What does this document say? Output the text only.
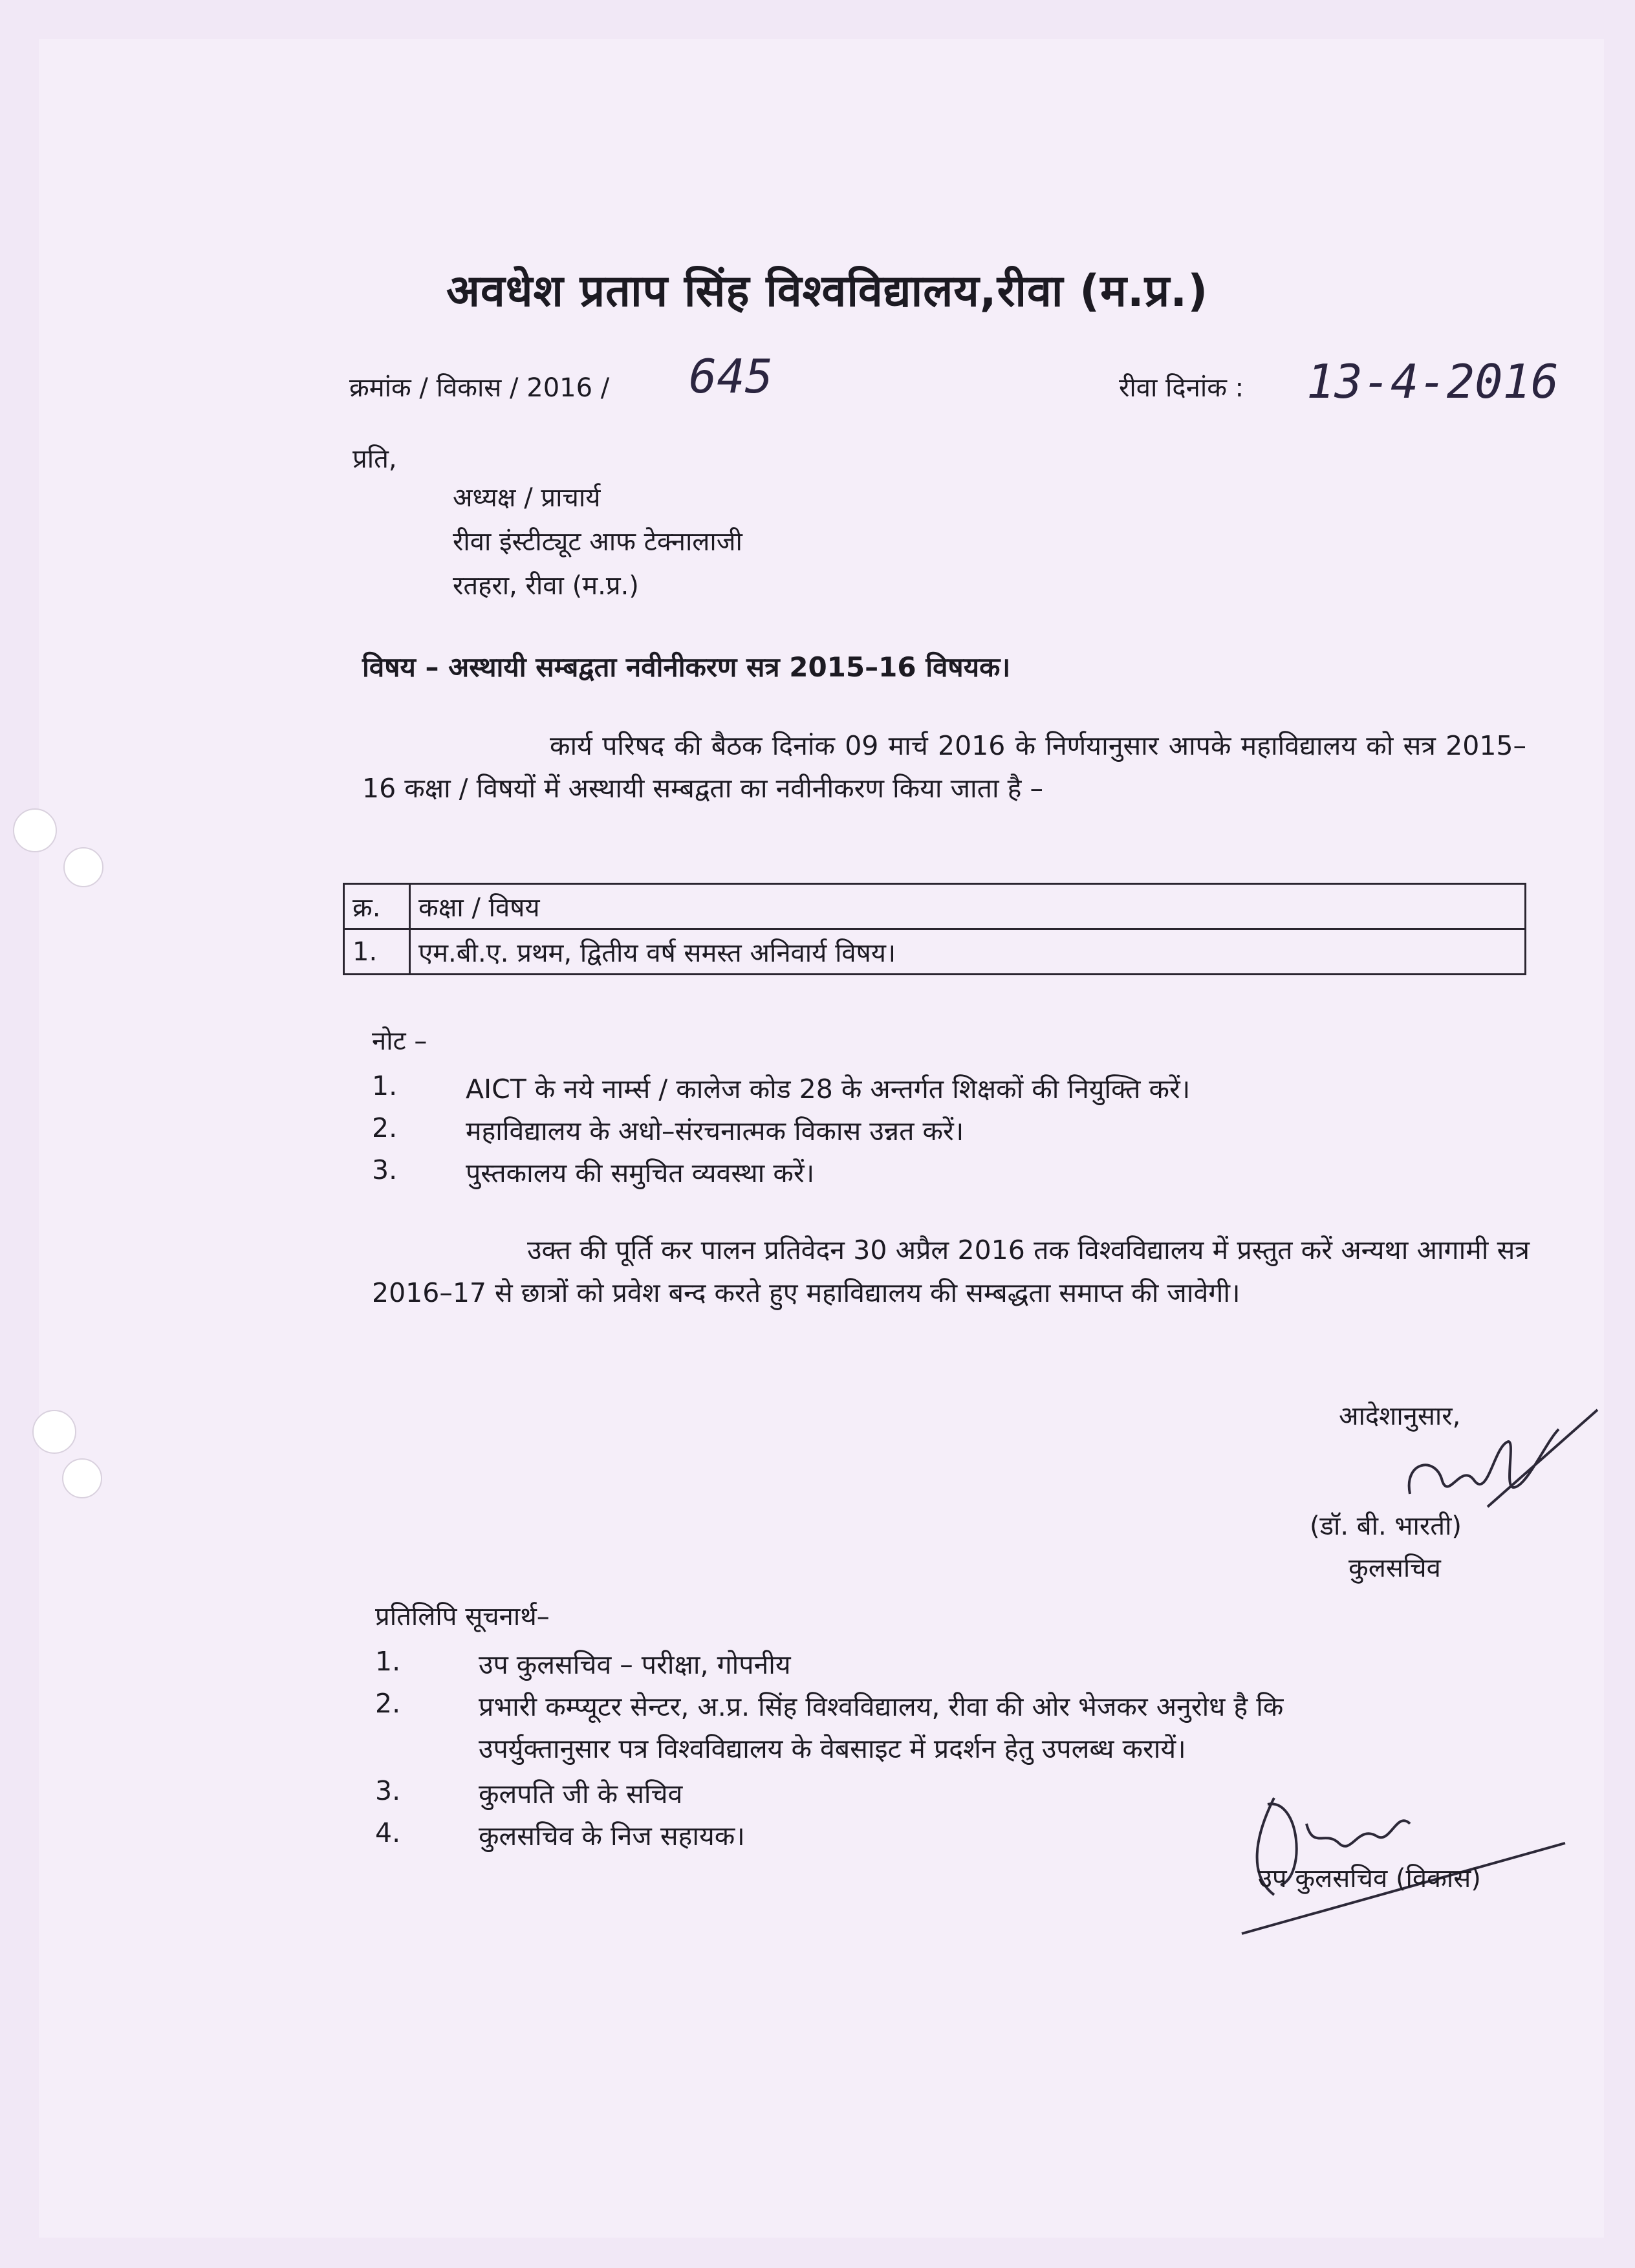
अवधेश प्रताप सिंह विश्वविद्यालय,रीवा (म.प्र.)
क्रमांक / विकास / 2016 / 645	रीवा दिनांक : 13-4-2016
प्रति,
अध्यक्ष / प्राचार्य
रीवा इंस्टीट्यूट आफ टेक्नालाजी
रतहरा, रीवा (म.प्र.)
विषय – अस्थायी सम्बद्वता नवीनीकरण सत्र 2015–16 विषयक।
कार्य परिषद की बैठक दिनांक 09 मार्च 2016 के निर्णयानुसार आपके महाविद्यालय को सत्र 2015–16 कक्षा / विषयों में अस्थायी सम्बद्वता का नवीनीकरण किया जाता है –
क्र.	कक्षा / विषय
1.	एम.बी.ए. प्रथम, द्वितीय वर्ष समस्त अनिवार्य विषय।
नोट –
1.	AICT के नये नार्म्स / कालेज कोड 28 के अन्तर्गत शिक्षकों की नियुक्ति करें।
2.	महाविद्यालय के अधो–संरचनात्मक विकास उन्नत करें।
3.	पुस्तकालय की समुचित व्यवस्था करें।
उक्त की पूर्ति कर पालन प्रतिवेदन 30 अप्रैल 2016 तक विश्वविद्यालय में प्रस्तुत करें अन्यथा आगामी सत्र 2016–17 से छात्रों को प्रवेश बन्द करते हुए महाविद्यालय की सम्बद्धता समाप्त की जावेगी।
आदेशानुसार,
(डॉ. बी. भारती)
कुलसचिव
प्रतिलिपि सूचनार्थ–
1.	उप कुलसचिव – परीक्षा, गोपनीय
2.	प्रभारी कम्प्यूटर सेन्टर, अ.प्र. सिंह विश्वविद्यालय, रीवा की ओर भेजकर अनुरोध है कि
उपर्युक्तानुसार पत्र विश्वविद्यालय के वेबसाइट में प्रदर्शन हेतु उपलब्ध करायें।
3.	कुलपति जी के सचिव
4.	कुलसचिव के निज सहायक।
उप कुलसचिव (विकास)
